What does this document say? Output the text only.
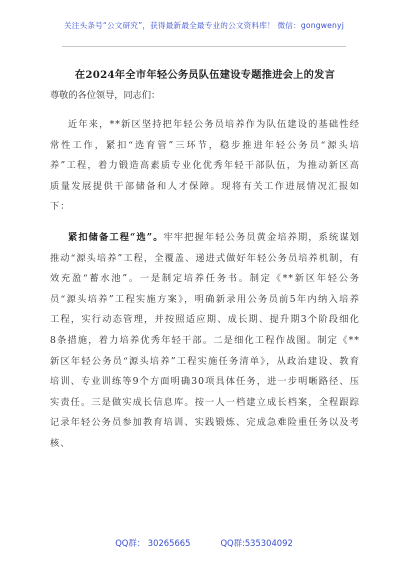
关注头条号“公文研究”，获得最新最全最专业的公文资料库！ 微信：gongwenyj
在2024年全市年轻公务员队伍建设专题推进会上的发言

尊敬的各位领导，同志们：

近年来，**新区坚持把年轻公务员培养作为队伍建设的基础性经常性工作，紧扣“选育管”三环节，稳步推进年轻公务员“源头培养”工程，着力锻造高素质专业化优秀年轻干部队伍，为推动新区高质量发展提供干部储备和人才保障。现将有关工作进展情况汇报如下：

紧扣储备工程“选”。牢牢把握年轻公务员黄金培养期，系统谋划推动“源头培养”工程，全覆盖、递进式做好年轻公务员培养机制，有效充盈“蓄水池”。一是制定培养任务书。制定《**新区年轻公务员“源头培养”工程实施方案》，明确新录用公务员前5年内纳入培养工程，实行动态管理，并按照适应期、成长期、提升期3个阶段细化8条措施，着力培养优秀年轻干部。二是细化工程作战图。制定《**新区年轻公务员“源头培养”工程实施任务清单》，从政治建设、教育培训、专业训练等9个方面明确30项具体任务，进一步明晰路径、压实责任。三是做实成长信息库。按一人一档建立成长档案，全程跟踪记录年轻公务员参加教育培训、实践锻炼、完成急难险重任务以及考核、

QQ群： 30265665	QQ群:535304092
